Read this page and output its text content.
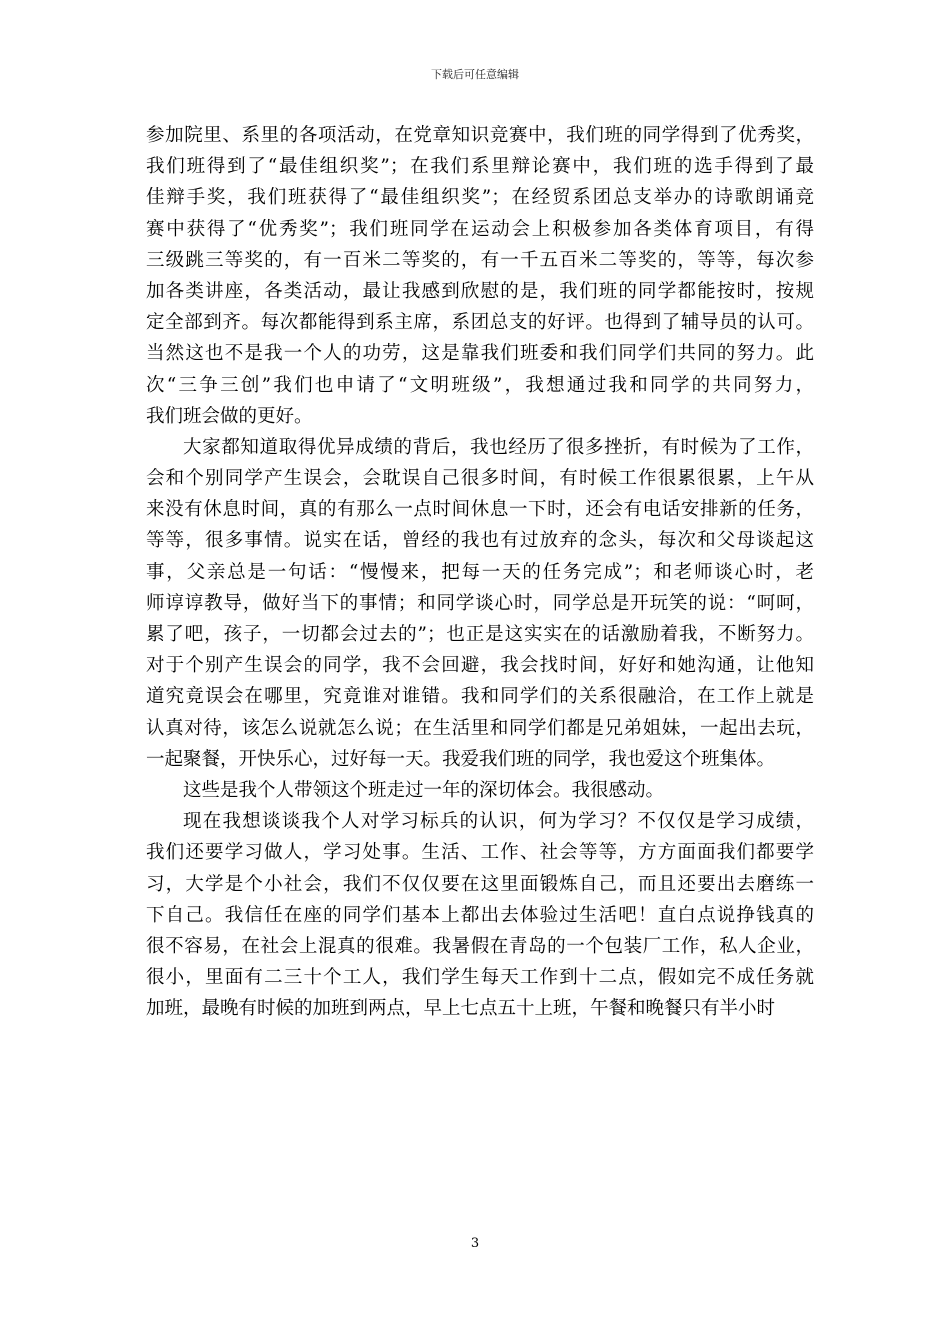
下载后可任意编辑
参加院里、系里的各项活动，在党章知识竞赛中，我们班的同学得到了优秀奖，
我们班得到了“最佳组织奖”；在我们系里辩论赛中，我们班的选手得到了最
佳辩手奖，我们班获得了“最佳组织奖”；在经贸系团总支举办的诗歌朗诵竞
赛中获得了“优秀奖”；我们班同学在运动会上积极参加各类体育项目，有得
三级跳三等奖的，有一百米二等奖的，有一千五百米二等奖的，等等，每次参
加各类讲座，各类活动，最让我感到欣慰的是，我们班的同学都能按时，按规
定全部到齐。每次都能得到系主席，系团总支的好评。也得到了辅导员的认可。
当然这也不是我一个人的功劳，这是靠我们班委和我们同学们共同的努力。此
次“三争三创”我们也申请了“文明班级”，我想通过我和同学的共同努力，
我们班会做的更好。
大家都知道取得优异成绩的背后，我也经历了很多挫折，有时候为了工作，
会和个别同学产生误会，会耽误自己很多时间，有时候工作很累很累，上午从
来没有休息时间，真的有那么一点时间休息一下时，还会有电话安排新的任务，
等等，很多事情。说实在话，曾经的我也有过放弃的念头，每次和父母谈起这
事，父亲总是一句话：“慢慢来，把每一天的任务完成”；和老师谈心时，老
师谆谆教导，做好当下的事情；和同学谈心时，同学总是开玩笑的说：“呵呵，
累了吧，孩子，一切都会过去的”；也正是这实实在的话激励着我，不断努力。
对于个别产生误会的同学，我不会回避，我会找时间，好好和她沟通，让他知
道究竟误会在哪里，究竟谁对谁错。我和同学们的关系很融洽，在工作上就是
认真对待，该怎么说就怎么说；在生活里和同学们都是兄弟姐妹，一起出去玩，
一起聚餐，开快乐心，过好每一天。我爱我们班的同学，我也爱这个班集体。
这些是我个人带领这个班走过一年的深切体会。我很感动。
现在我想谈谈我个人对学习标兵的认识，何为学习？不仅仅是学习成绩，
我们还要学习做人，学习处事。生活、工作、社会等等，方方面面我们都要学
习，大学是个小社会，我们不仅仅要在这里面锻炼自己，而且还要出去磨练一
下自己。我信任在座的同学们基本上都出去体验过生活吧！直白点说挣钱真的
很不容易，在社会上混真的很难。我暑假在青岛的一个包装厂工作，私人企业，
很小，里面有二三十个工人，我们学生每天工作到十二点，假如完不成任务就
加班，最晚有时候的加班到两点，早上七点五十上班，午餐和晚餐只有半小时
3
